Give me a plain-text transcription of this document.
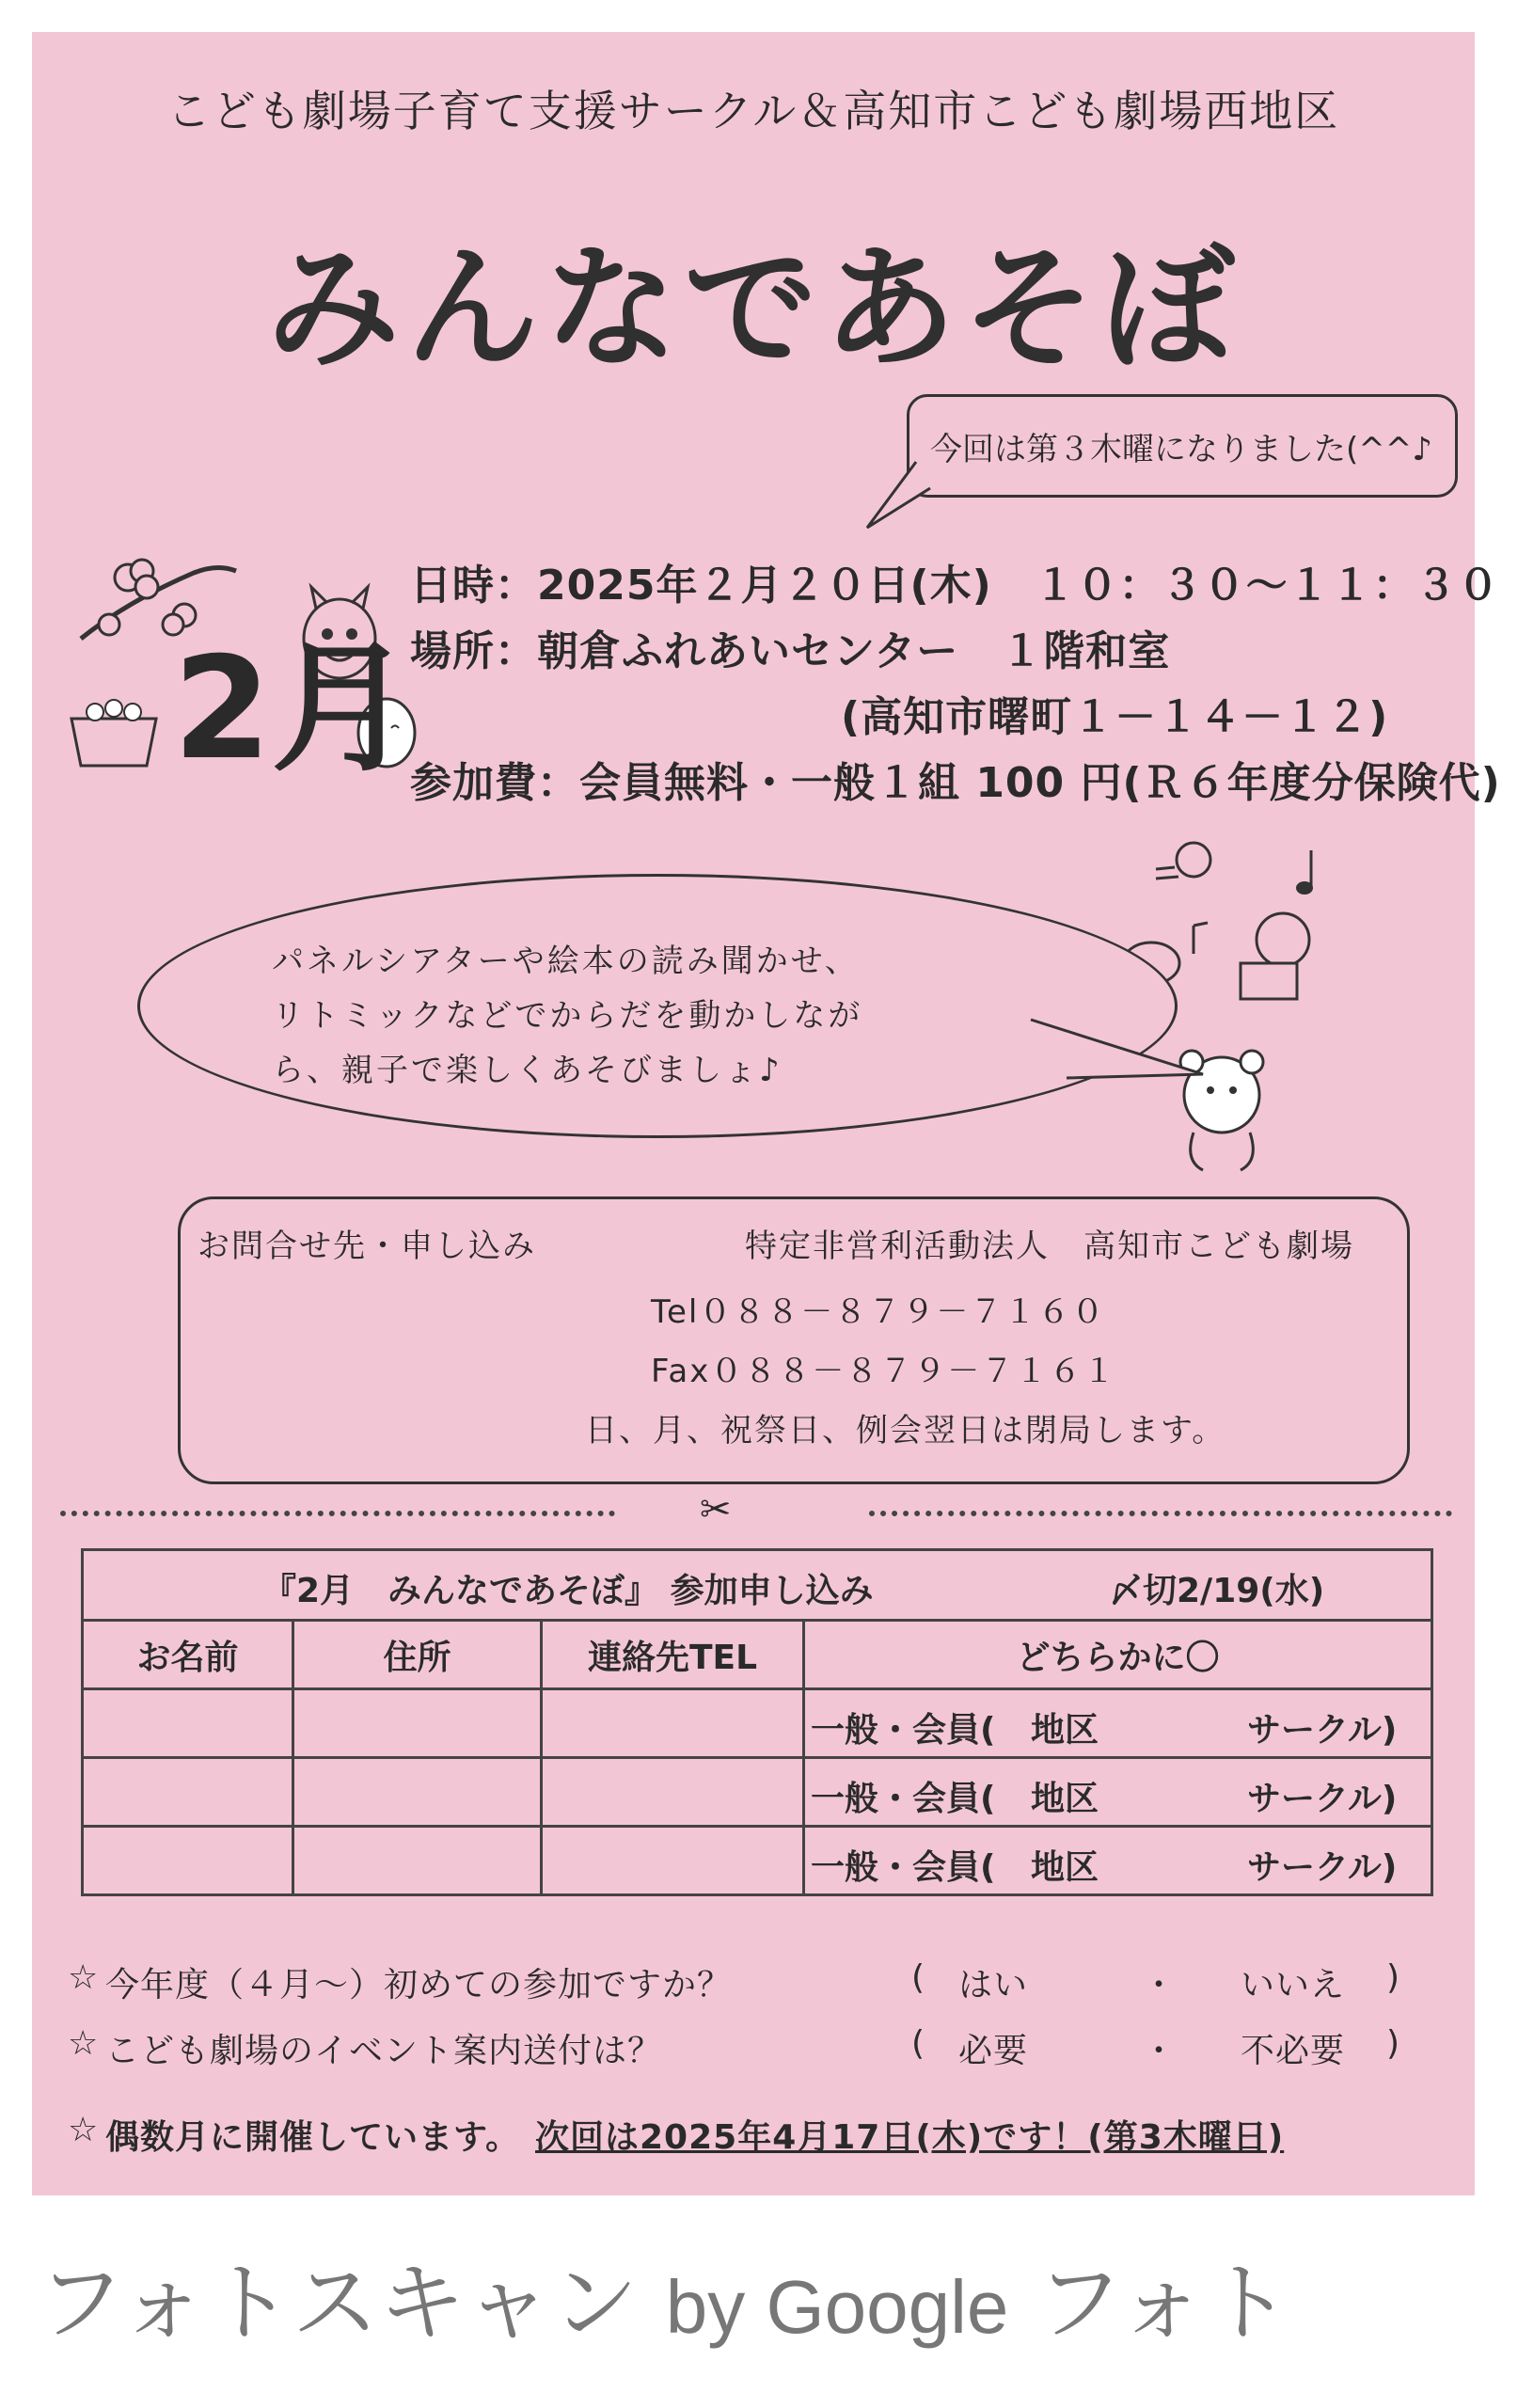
こども劇場子育て支援サークル＆高知市こども劇場西地区
みんなであそぼ
今回は第３木曜になりました(^^♪
2月
日時：2025年２月２０日(木)　１０：３０～１１：３０
場所：朝倉ふれあいセンター　１階和室
(高知市曙町１－１４－１２)
参加費：会員無料・一般１組 100 円(Ｒ６年度分保険代)
パネルシアターや絵本の読み聞かせ、
リトミックなどでからだを動かしなが
ら、親子で楽しくあそびましょ♪
お問合せ先・申し込み	特定非営利活動法人　高知市こども劇場
Tel０８８－８７９－７１６０
Fax０８８－８７９－７１６１
日、月、祝祭日、例会翌日は閉局します。
✂
『2月　みんなであそぼ』 参加申し込み 〆切2/19(水)			

お名前	住所	連絡先TEL	どちらかに〇

			一般・会員( 地区 サークル)

			一般・会員( 地区 サークル)

			一般・会員( 地区 サークル)
☆ 今年度（４月～）初めての参加ですか？	( はい	・ いいえ )
☆ こども劇場のイベント案内送付は？	( 必要	・ 不必要 )
☆ 偶数月に開催しています。 次回は2025年4月17日(木)です！(第3木曜日)
フォトスキャン by Google フォト
